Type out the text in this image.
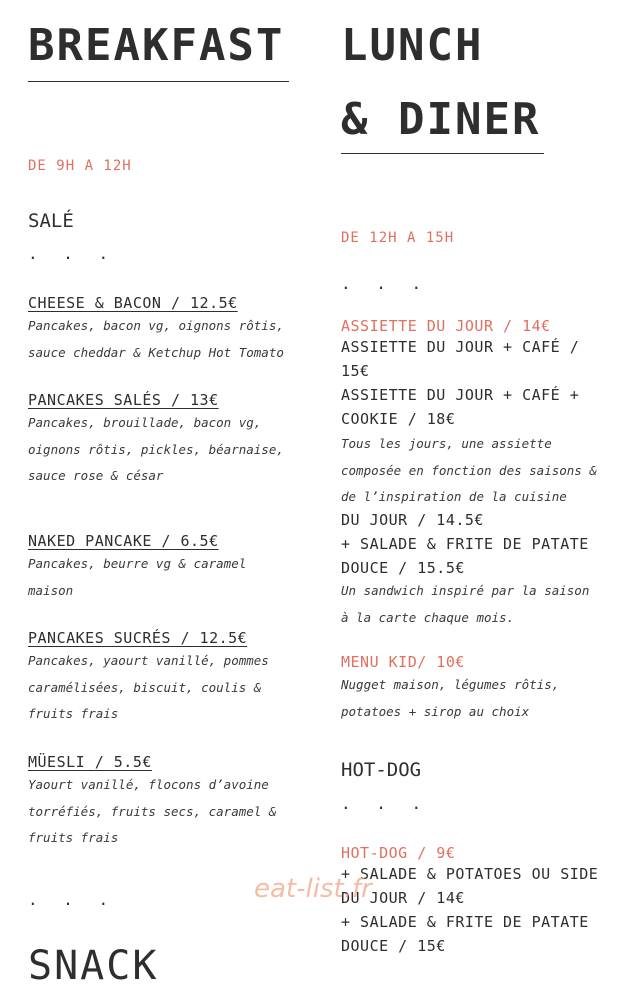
BREAKFAST
DE 9H A 12H
SALÉ
. . .
CHEESE & BACON / 12.5€
Pancakes, bacon vg, oignons rôtis,
sauce cheddar & Ketchup Hot Tomato
PANCAKES SALÉS / 13€
Pancakes, brouillade, bacon vg,
oignons rôtis, pickles, béarnaise,
sauce rose & césar
NAKED PANCAKE / 6.5€
Pancakes, beurre vg & caramel
maison
PANCAKES SUCRÉS / 12.5€
Pancakes, yaourt vanillé, pommes
caramélisées, biscuit, coulis &
fruits frais
MÜESLI / 5.5€
Yaourt vanillé, flocons d’avoine
torréfiés, fruits secs, caramel &
fruits frais
. . .
SNACK
LUNCH
& DINER
DE 12H A 15H
. . .
ASSIETTE DU JOUR / 14€
ASSIETTE DU JOUR + CAFÉ /
15€
ASSIETTE DU JOUR + CAFÉ +
COOKIE / 18€
Tous les jours, une assiette
composée en fonction des saisons &
de l’inspiration de la cuisine
DU JOUR / 14.5€
+ SALADE & FRITE DE PATATE
DOUCE / 15.5€
Un sandwich inspiré par la saison
à la carte chaque mois.
MENU KID/ 10€
Nugget maison, légumes rôtis,
potatoes + sirop au choix
HOT-DOG
. . .
HOT-DOG / 9€
+ SALADE & POTATOES OU SIDE
DU JOUR / 14€
+ SALADE & FRITE DE PATATE
DOUCE / 15€
eat-list.fr
